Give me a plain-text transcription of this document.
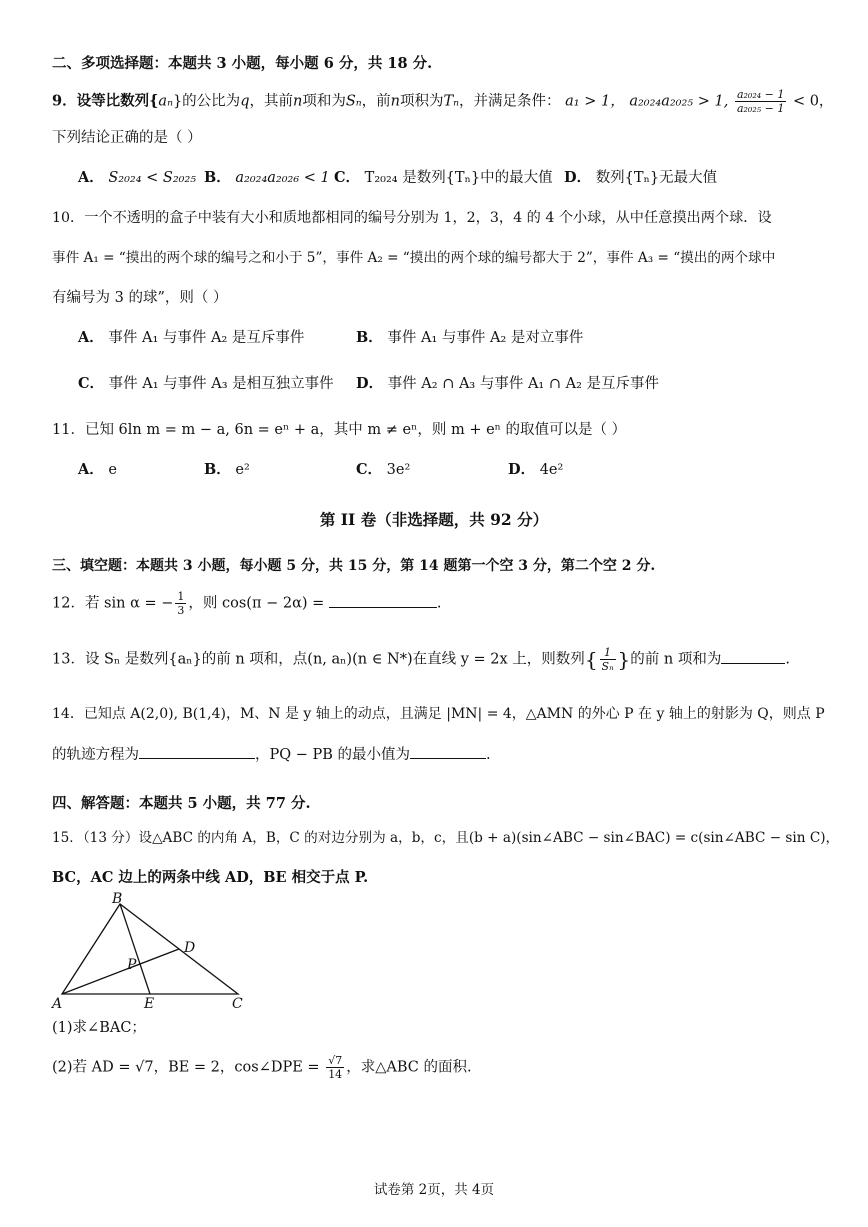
二、多项选择题：本题共 3 小题，每小题 6 分，共 18 分.
9．设等比数列{aₙ}的公比为q，其前n项和为Sₙ，前n项积为Tₙ，并满足条件： a₁ > 1， a₂₀₂₄a₂₀₂₅ > 1, $\frac{\text{a₂₀₂₄ − 1}}{\text{a₂₀₂₅ − 1}} < 0$，
下列结论正确的是（ ）
A． S₂₀₂₄ < S₂₀₂₅ B． a₂₀₂₄a₂₀₂₆ < 1 C． T₂₀₂₄ 是数列{Tₙ}中的最大值 D． 数列{Tₙ}无最大值
10．一个不透明的盒子中装有大小和质地都相同的编号分别为 1，2，3，4 的 4 个小球，从中任意摸出两个球．设
事件 A₁ = “摸出的两个球的编号之和小于 5”，事件 A₂ = “摸出的两个球的编号都大于 2”，事件 A₃ = “摸出的两个球中
有编号为 3 的球”，则（ ）
A． 事件 A₁ 与事件 A₂ 是互斥事件	B． 事件 A₁ 与事件 A₂ 是对立事件
C． 事件 A₁ 与事件 A₃ 是相互独立事件 D． 事件 A₂ ∩ A₃ 与事件 A₁ ∩ A₂ 是互斥事件
11．已知 6ln m = m − a, 6n = eⁿ + a，其中 m ≠ eⁿ，则 m + eⁿ 的取值可以是（ ）
A． e	B． e²	C． 3e²	D． 4e²
第 II 卷（非选择题，共 92 分）
三、填空题：本题共 3 小题，每小题 5 分，共 15 分，第 14 题第一个空 3 分，第二个空 2 分.
12．若 sin α = − $\frac{1}{3}$ ，则 cos(π − 2α) =	.
13．设 Sₙ 是数列{aₙ}的前 n 项和，点(n, aₙ)(n ∈ N*)在直线 y = 2x 上，则数列{ $\frac{1}{\text{Sₙ}}$ }的前 n 项和为	.
14．已知点 A(2,0), B(1,4)，M、N 是 y 轴上的动点，且满足 |MN| = 4，△AMN 的外心 P 在 y 轴上的射影为 Q，则点 P
的轨迹方程为	，PQ − PB 的最小值为	.
四、解答题：本题共 5 小题，共 77 分.
15．（13 分）设△ABC 的内角 A，B，C 的对边分别为 a，b，c，且(b + a)(sin∠ABC − sin∠BAC) = c(sin∠ABC − sin C)，
BC，AC 边上的两条中线 AD，BE 相交于点 P.
B
D
P
A	E	C
(1)求∠BAC；
(2)若 AD = √7，BE = 2，cos∠DPE = $\frac{√7}{14}$ ，求△ABC 的面积.
试卷第 2页，共 4页
